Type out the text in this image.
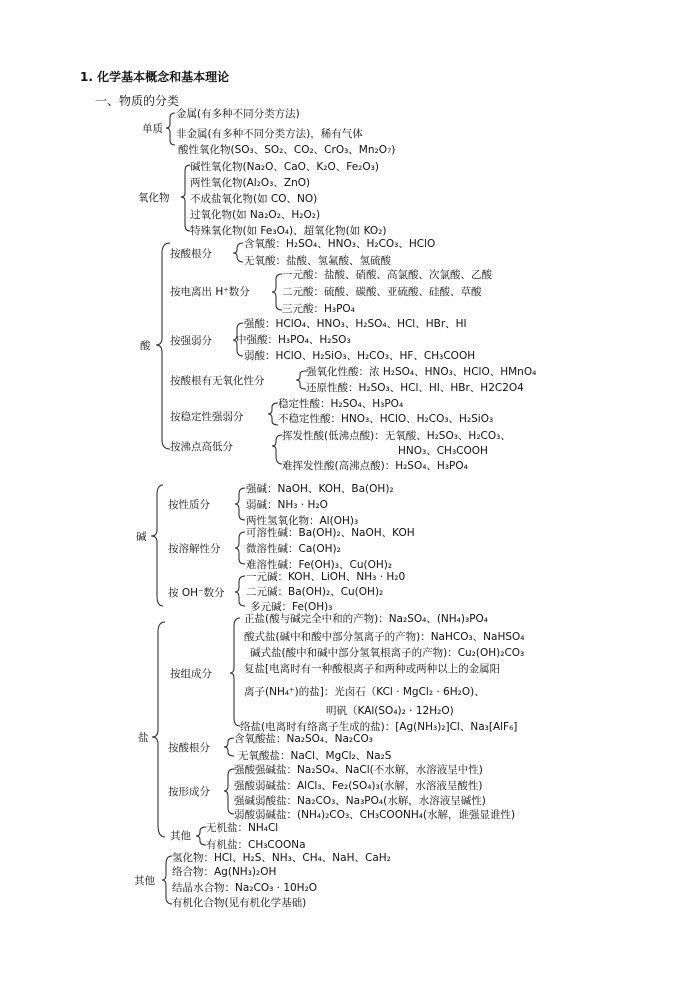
1. 化学基本概念和基本理论
一、物质的分类
单质
金属(有多种不同分类方法)
非金属(有多种不同分类方法)，稀有气体
氧化物
酸性氧化物(SO₃、SO₂、CO₂、CrO₃、Mn₂O₇)
碱性氧化物(Na₂O、CaO、K₂O、Fe₂O₃)
两性氧化物(Al₂O₃、ZnO)
不成盐氧化物(如 CO、NO)
过氧化物(如 Na₂O₂、H₂O₂)
特殊氧化物(如 Fe₃O₄)、超氧化物(如 KO₂)
酸
按酸根分
含氧酸：H₂SO₄、HNO₃、H₂CO₃、HClO
无氧酸：盐酸、氢氟酸、氢硫酸
按电离出 H⁺数分
一元酸：盐酸、硝酸、高氯酸、次氯酸、乙酸
二元酸：硫酸、碳酸、亚硫酸、硅酸、草酸
三元酸：H₃PO₄
按强弱分
强酸：HClO₄、HNO₃、H₂SO₄、HCl、HBr、HI
中强酸：H₃PO₄、H₂SO₃
弱酸：HClO、H₂SiO₃、H₂CO₃、HF、CH₃COOH
按酸根有无氧化性分
强氧化性酸：浓 H₂SO₄、HNO₃、HClO、HMnO₄
还原性酸：H₂SO₃、HCl、HI、HBr、H2C2O4
按稳定性强弱分
稳定性酸：H₂SO₄、H₃PO₄
不稳定性酸：HNO₃、HClO、H₂CO₃、H₂SiO₃
按沸点高低分
挥发性酸(低沸点酸)：无氧酸、H₂SO₃、H₂CO₃、
HNO₃、CH₃COOH
难挥发性酸(高沸点酸)：H₂SO₄、H₃PO₄
碱
按性质分
强碱：NaOH、KOH、Ba(OH)₂
弱碱：NH₃ · H₂O
两性氢氧化物：Al(OH)₃
按溶解性分
可溶性碱：Ba(OH)₂、NaOH、KOH
微溶性碱：Ca(OH)₂
难溶性碱：Fe(OH)₃、Cu(OH)₂
按 OH⁻数分
一元碱：KOH、LiOH、NH₃ · H₂0
二元碱：Ba(OH)₂、Cu(OH)₂
多元碱：Fe(OH)₃
盐
按组成分
正盐(酸与碱完全中和的产物)：Na₂SO₄、(NH₄)₃PO₄
酸式盐(碱中和酸中部分氢离子的产物)：NaHCO₃、NaHSO₄
碱式盐(酸中和碱中部分氢氧根离子的产物)：Cu₂(OH)₂CO₃
复盐[电离时有一种酸根离子和两种或两种以上的金属阳
离子(NH₄⁺)的盐]：光卤石（KCl · MgCl₂ · 6H₂O)、
明矾（KAl(SO₄)₂ · 12H₂O)
络盐(电离时有络离子生成的盐)：[Ag(NH₃)₂]Cl、Na₃[AlF₆]
按酸根分
含氧酸盐：Na₂SO₄、Na₂CO₃
无氧酸盐：NaCl、MgCl₂、Na₂S
按形成分
强酸强碱盐：Na₂SO₄、NaCl(不水解，水溶液呈中性)
强酸弱碱盐：AlCl₃、Fe₂(SO₄)₃(水解，水溶液呈酸性)
强碱弱酸盐：Na₂CO₃、Na₃PO₄(水解，水溶液呈碱性)
弱酸弱碱盐：(NH₄)₂CO₃、CH₃COONH₄(水解，谁强显谁性)
其他
无机盐：NH₄Cl
有机盐：CH₃COONa
其他
氢化物：HCl、H₂S、NH₃、CH₄、NaH、CaH₂
络合物：Ag(NH₃)₂OH
结晶水合物：Na₂CO₃ · 10H₂O
有机化合物(见有机化学基础)
